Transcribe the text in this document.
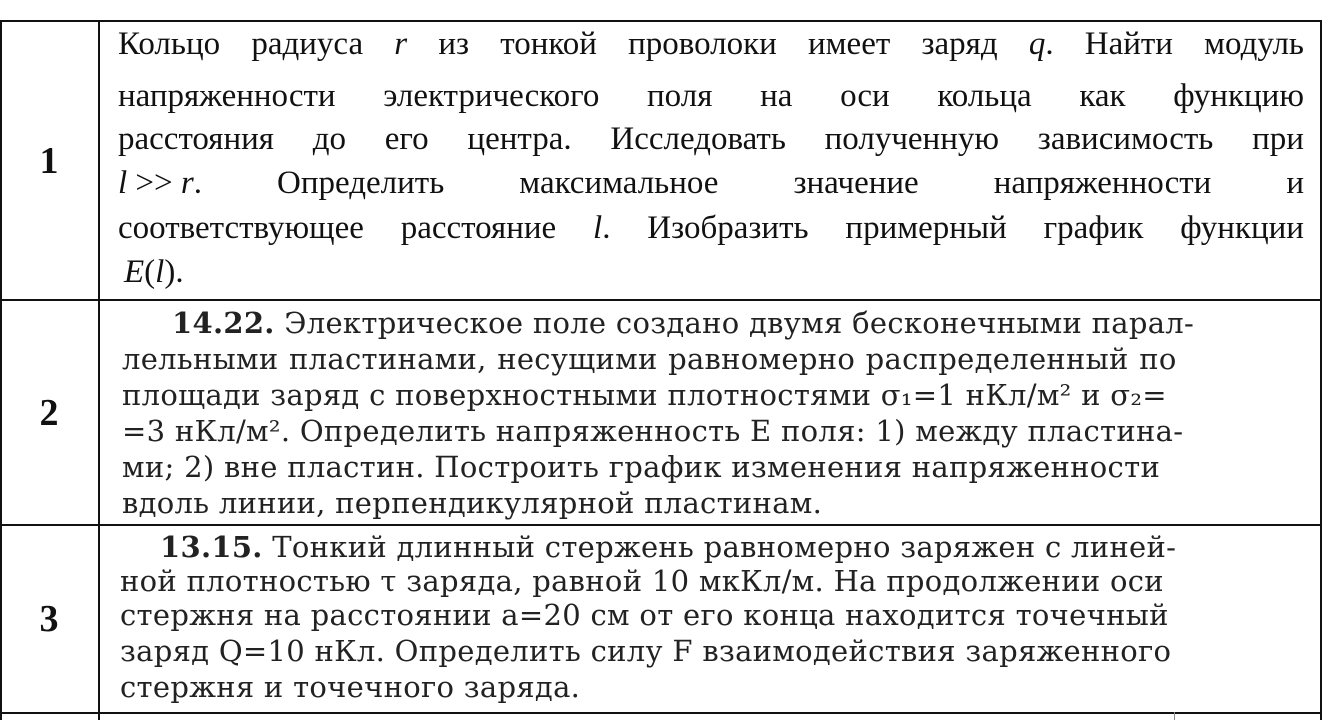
1
2
3
Кольцо радиуса r из тонкой проволоки имеет заряд q. Найти модуль
напряженности электрического поля на оси кольца как функцию
расстояния до его центра. Исследовать полученную зависимость при
l >> r. Определить максимальное значение напряженности и
соответствующее расстояние l. Изобразить примерный график функции
E(l).
14.22. Электрическое поле создано двумя бесконечными парал-
лельными пластинами, несущими равномерно распределенный по
площади заряд с поверхностными плотностями σ₁=1 нКл/м² и σ₂=
=3 нКл/м². Определить напряженность E поля: 1) между пластина-
ми; 2) вне пластин. Построить график изменения напряженности
вдоль линии, перпендикулярной пластинам.
13.15. Тонкий длинный стержень равномерно заряжен с линей-
ной плотностью τ заряда, равной 10 мкКл/м. На продолжении оси
стержня на расстоянии a=20 см от его конца находится точечный
заряд Q=10 нКл. Определить силу F взаимодействия заряженного
стержня и точечного заряда.
